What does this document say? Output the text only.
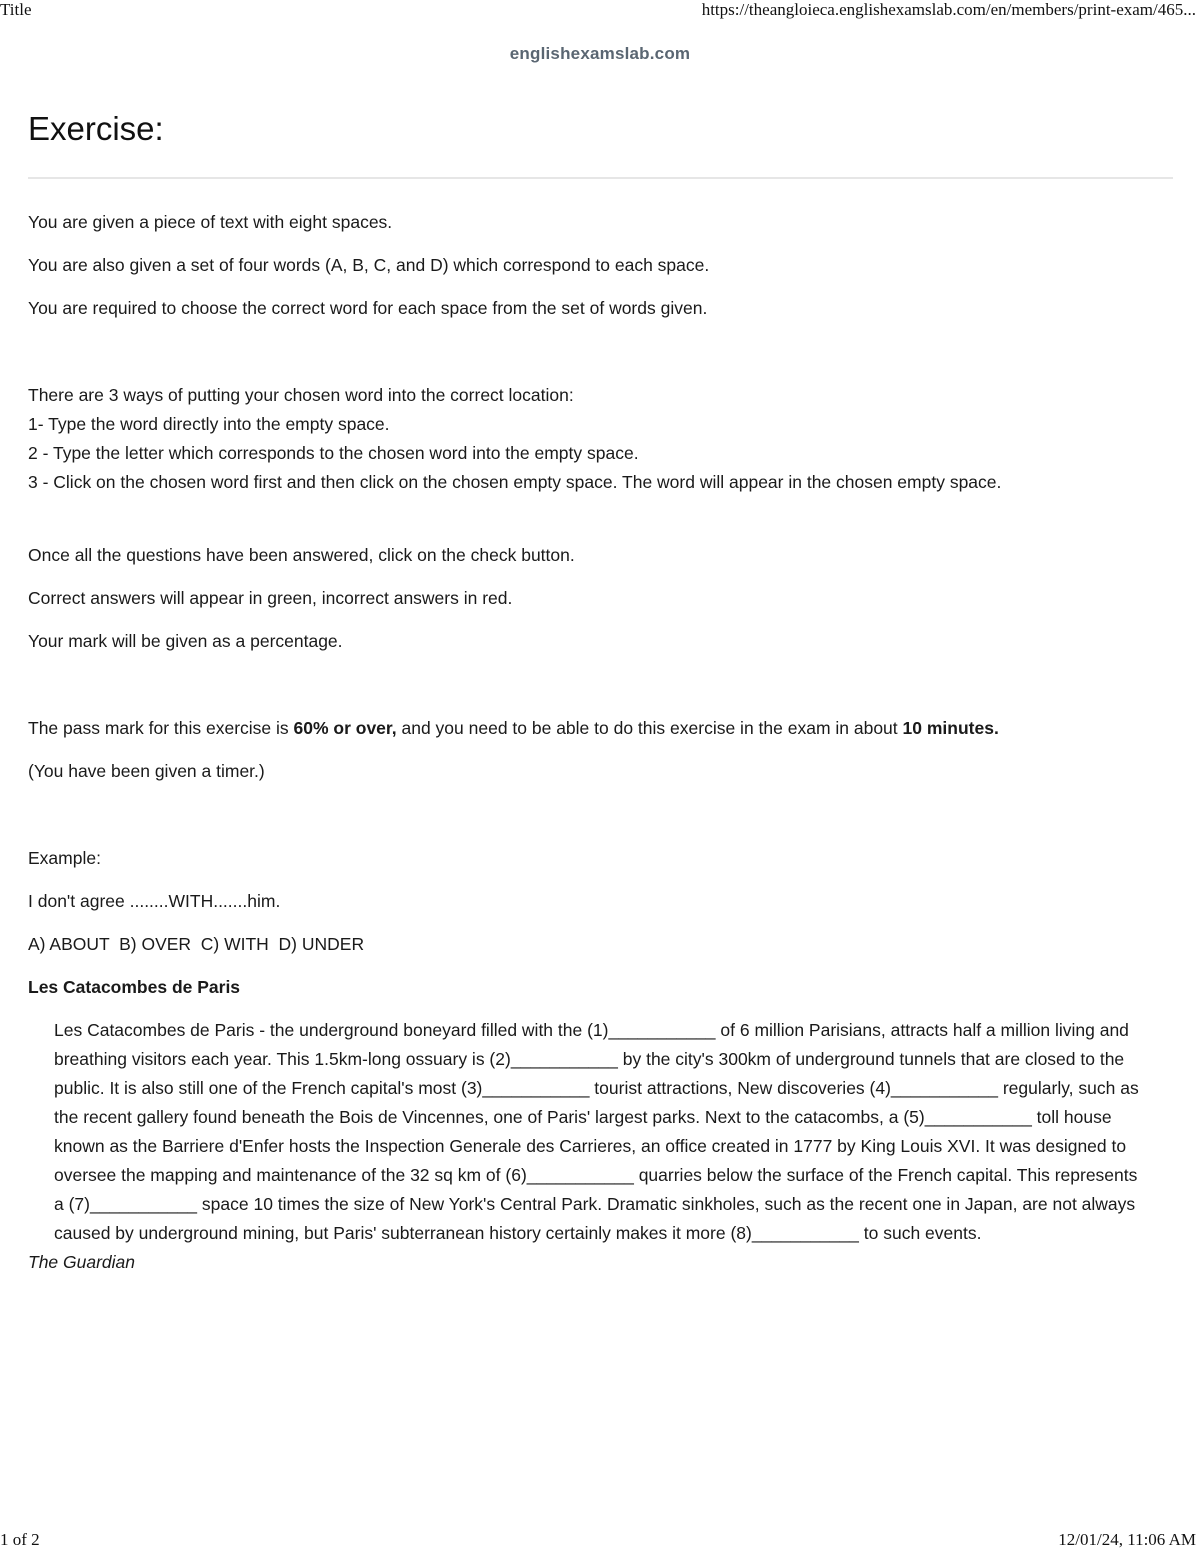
Title	https://theangloieca.englishexamslab.com/en/members/print-exam/465...
englishexamslab.com
Exercise:

You are given a piece of text with eight spaces.

You are also given a set of four words (A, B, C, and D) which correspond to each space.

You are required to choose the correct word for each space from the set of words given.

There are 3 ways of putting your chosen word into the correct location:

1- Type the word directly into the empty space.

2 - Type the letter which corresponds to the chosen word into the empty space.

3 - Click on the chosen word first and then click on the chosen empty space. The word will appear in the chosen empty space.

Once all the questions have been answered, click on the check button.

Correct answers will appear in green, incorrect answers in red.

Your mark will be given as a percentage.

The pass mark for this exercise is 60% or over, and you need to be able to do this exercise in the exam in about 10 minutes.

(You have been given a timer.)

Example:

I don't agree ........WITH.......him.

A) ABOUT  B) OVER  C) WITH  D) UNDER

Les Catacombes de Paris

Les Catacombes de Paris - the underground boneyard filled with the (1)___________ of 6 million Parisians, attracts half a million living and breathing visitors each year. This 1.5km-long ossuary is (2)___________ by the city's 300km of underground tunnels that are closed to the public. It is also still one of the French capital's most (3)___________ tourist attractions, New discoveries (4)___________ regularly, such as the recent gallery found beneath the Bois de Vincennes, one of Paris' largest parks. Next to the catacombs, a (5)___________ toll house known as the Barriere d'Enfer hosts the Inspection Generale des Carrieres, an office created in 1777 by King Louis XVI. It was designed to oversee the mapping and maintenance of the 32 sq km of (6)___________ quarries below the surface of the French capital. This represents a (7)___________ space 10 times the size of New York's Central Park. Dramatic sinkholes, such as the recent one in Japan, are not always caused by underground mining, but Paris' subterranean history certainly makes it more (8)___________ to such events.

The Guardian

1 of 2	12/01/24, 11:06 AM
